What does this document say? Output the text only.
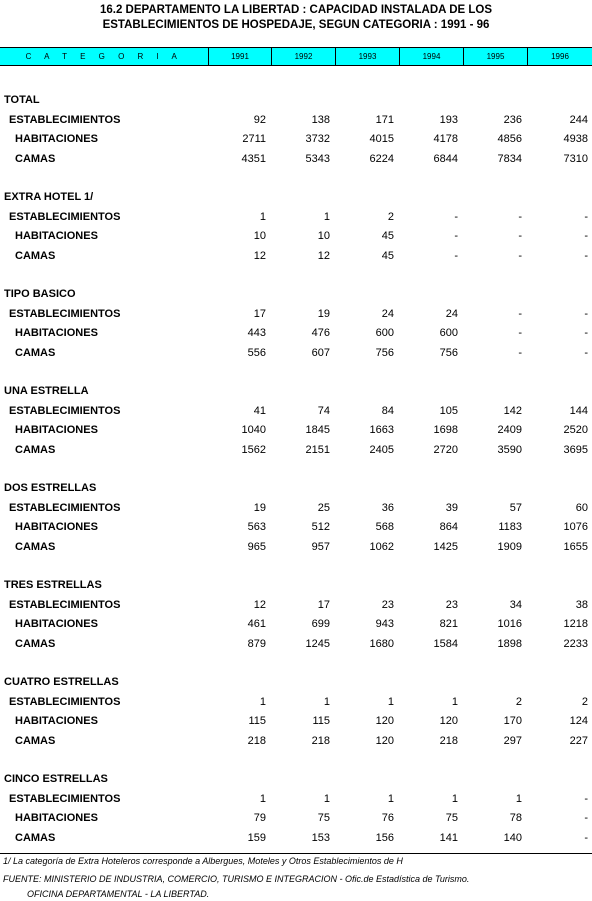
16.2 DEPARTAMENTO LA LIBERTAD : CAPACIDAD INSTALADA DE LOS
ESTABLECIMIENTOS DE HOSPEDAJE, SEGUN CATEGORIA : 1991 - 96
C A T E G O R I A	1991	1992	1993	1994	1995	1996
TOTAL
ESTABLECIMIENTOS	92	138	171	193	236	244
HABITACIONES	2711	3732	4015	4178	4856	4938
CAMAS	4351	5343	6224	6844	7834	7310
EXTRA HOTEL 1/
ESTABLECIMIENTOS	1	1	2	-	-	-
HABITACIONES	10	10	45	-	-	-
CAMAS	12	12	45	-	-	-
TIPO BASICO
ESTABLECIMIENTOS	17	19	24	24	-	-
HABITACIONES	443	476	600	600	-	-
CAMAS	556	607	756	756	-	-
UNA ESTRELLA
ESTABLECIMIENTOS	41	74	84	105	142	144
HABITACIONES	1040	1845	1663	1698	2409	2520
CAMAS	1562	2151	2405	2720	3590	3695
DOS ESTRELLAS
ESTABLECIMIENTOS	19	25	36	39	57	60
HABITACIONES	563	512	568	864	1183	1076
CAMAS	965	957	1062	1425	1909	1655
TRES ESTRELLAS
ESTABLECIMIENTOS	12	17	23	23	34	38
HABITACIONES	461	699	943	821	1016	1218
CAMAS	879	1245	1680	1584	1898	2233
CUATRO ESTRELLAS
ESTABLECIMIENTOS	1	1	1	1	2	2
HABITACIONES	115	115	120	120	170	124
CAMAS	218	218	120	218	297	227
CINCO ESTRELLAS
ESTABLECIMIENTOS	1	1	1	1	1	-
HABITACIONES	79	75	76	75	78	-
CAMAS	159	153	156	141	140	-
1/ La categoría de Extra Hoteleros corresponde a Albergues, Moteles y Otros Establecimientos de H
FUENTE: MINISTERIO DE INDUSTRIA, COMERCIO, TURISMO E INTEGRACION - Ofic.de Estadística de Turismo.
OFICINA DEPARTAMENTAL - LA LIBERTAD.
